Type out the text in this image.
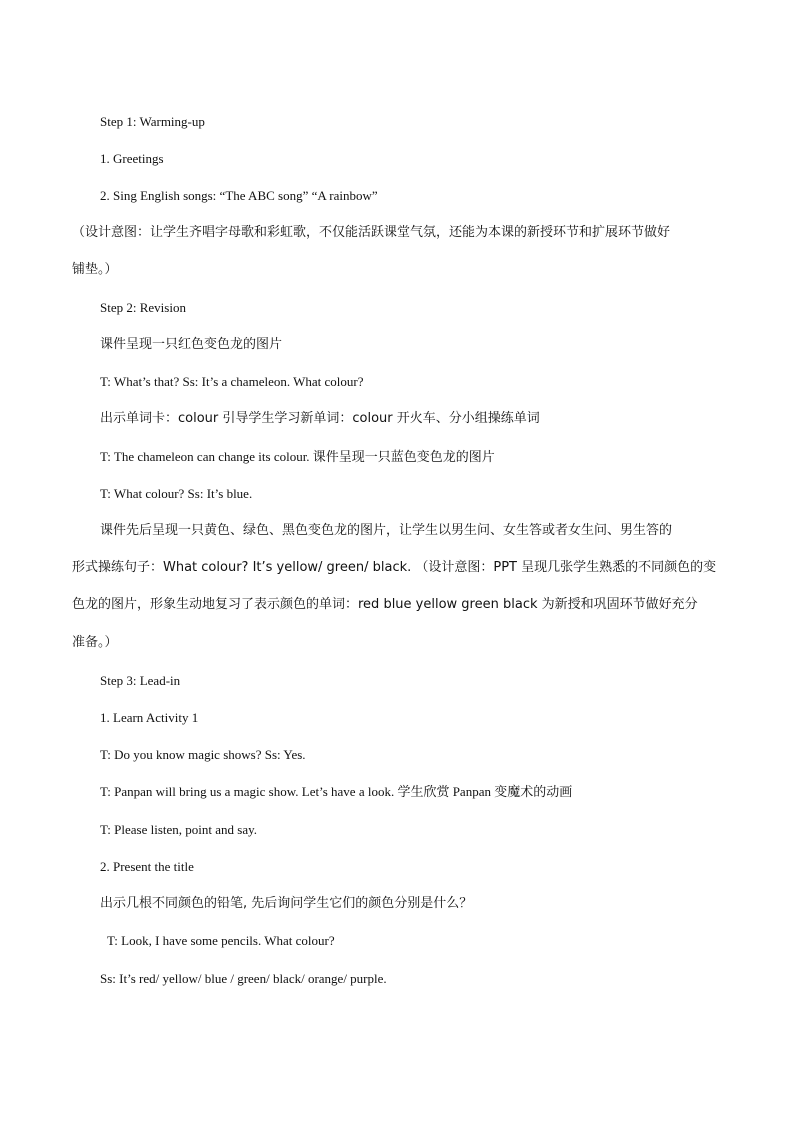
Step 1: Warming-up
1. Greetings
2. Sing English songs: “The ABC song” “A rainbow”
（设计意图：让学生齐唱字母歌和彩虹歌，不仅能活跃课堂气氛，还能为本课的新授环节和扩展环节做好
铺垫。）
Step 2: Revision
课件呈现一只红色变色龙的图片
T: What’s that? Ss: It’s a chameleon. What colour?
出示单词卡：colour 引导学生学习新单词：colour 开火车、分小组操练单词
T: The chameleon can change its colour. 课件呈现一只蓝色变色龙的图片
T: What colour? Ss: It’s blue.
课件先后呈现一只黄色、绿色、黑色变色龙的图片，让学生以男生问、女生答或者女生问、男生答的
形式操练句子：What colour? It’s yellow/ green/ black. （设计意图：PPT 呈现几张学生熟悉的不同颜色的变
色龙的图片，形象生动地复习了表示颜色的单词：red blue yellow green black 为新授和巩固环节做好充分
准备。）
Step 3: Lead-in
1. Learn Activity 1
T: Do you know magic shows? Ss: Yes.
T: Panpan will bring us a magic show. Let’s have a look. 学生欣赏 Panpan 变魔术的动画
T: Please listen, point and say.
2. Present the title
出示几根不同颜色的铅笔, 先后询问学生它们的颜色分别是什么？
T: Look, I have some pencils. What colour?
Ss: It’s red/ yellow/ blue / green/ black/ orange/ purple.
